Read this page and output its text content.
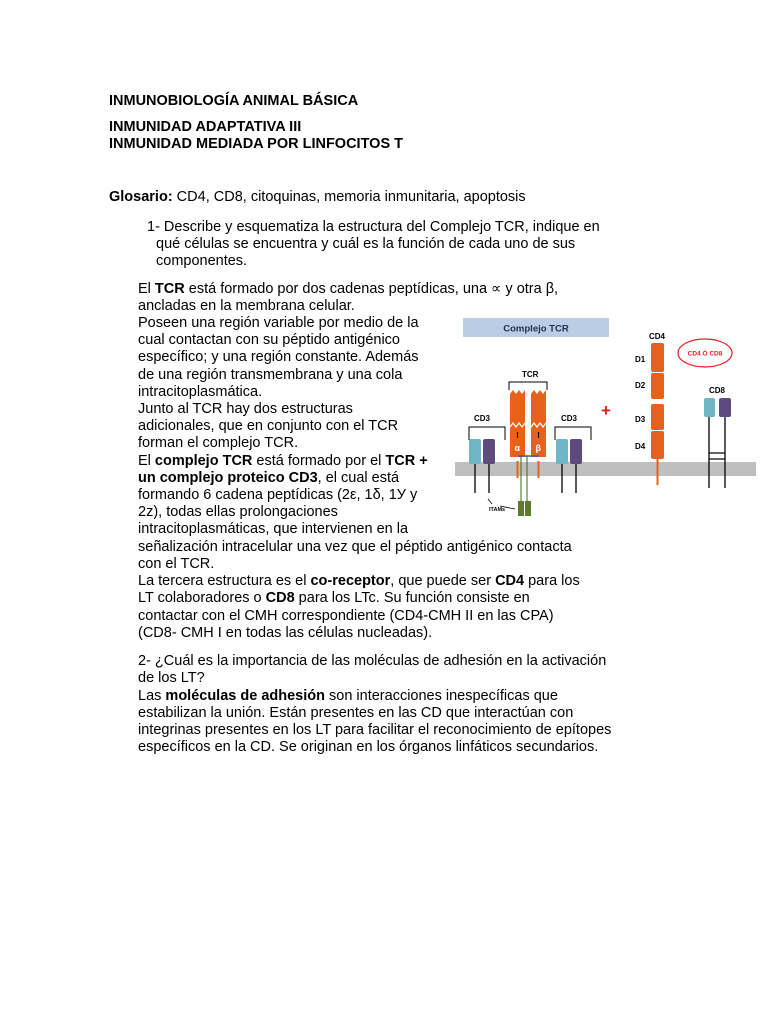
INMUNOBIOLOGÍA ANIMAL BÁSICA
INMUNIDAD ADAPTATIVA III
INMUNIDAD MEDIADA POR LINFOCITOS T
Glosario: CD4, CD8, citoquinas, memoria inmunitaria, apoptosis
1- Describe y esquematiza la estructura del Complejo TCR, indique en
qué células se encuentra y cuál es la función de cada uno de sus
componentes.
El TCR está formado por dos cadenas peptídicas, una ∝ y otra β,
ancladas en la membrana celular.
Poseen una región variable por medio de la
cual contactan con su péptido antigénico
específico; y una región constante. Además
de una región transmembrana y una cola
intracitoplasmática.
Junto al TCR hay dos estructuras
adicionales, que en conjunto con el TCR
forman el complejo TCR.
El complejo TCR está formado por el TCR +
un complejo proteico CD3, el cual está
formando 6 cadena peptídicas (2ε, 1δ, 1У y
2z), todas ellas prolongaciones
intracitoplasmáticas, que intervienen en la
señalización intracelular una vez que el péptido antigénico contacta
con el TCR.
La tercera estructura es el co-receptor, que puede ser CD4 para los
LT colaboradores o CD8 para los LTc. Su función consiste en
contactar con el CMH correspondiente (CD4-CMH II en las CPA)
(CD8- CMH I en todas las células nucleadas).
2- ¿Cuál es la importancia de las moléculas de adhesión en la activación
de los LT?
Las moléculas de adhesión son interacciones inespecíficas que
estabilizan la unión. Están presentes en las CD que interactúan con
integrinas presentes en los LT para facilitar el reconocimiento de epítopes
específicos en la CD. Se originan en los órganos linfáticos secundarios.
Complejo TCR
CD3
TCR
α β
ITAMs
CD3 +
CD4
D1
D2
D3
D4
CD4 Ó CD8
CD8
